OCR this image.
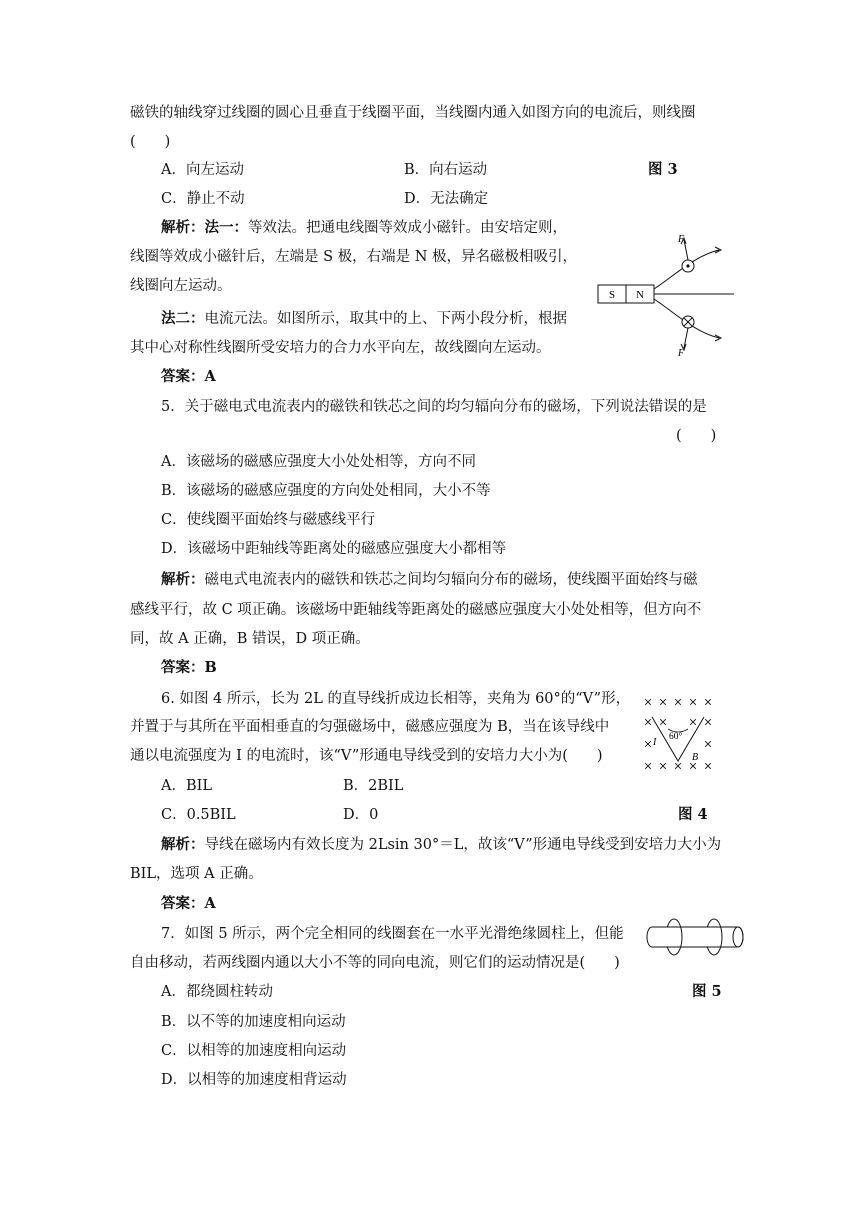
磁铁的轴线穿过线圈的圆心且垂直于线圈平面，当线圈内通入如图方向的电流后，则线圈
(　　)
A．向左运动	B．向右运动	图 3
C．静止不动	D．无法确定
解析：法一：等效法。把通电线圈等效成小磁针。由安培定则，
线圈等效成小磁针后，左端是 S 极，右端是 N 极，异名磁极相吸引，
线圈向左运动。
法二：电流元法。如图所示，取其中的上、下两小段分析，根据
其中心对称性线圈所受安培力的合力水平向左，故线圈向左运动。
答案：A
S N
F
F
5．关于磁电式电流表内的磁铁和铁芯之间的均匀辐向分布的磁场，下列说法错误的是
(　　)
A．该磁场的磁感应强度大小处处相等，方向不同
B．该磁场的磁感应强度的方向处处相同，大小不等
C．使线圈平面始终与磁感线平行
D．该磁场中距轴线等距离处的磁感应强度大小都相等
解析：磁电式电流表内的磁铁和铁芯之间均匀辐向分布的磁场，使线圈平面始终与磁
感线平行，故 C 项正确。该磁场中距轴线等距离处的磁感应强度大小处处相等，但方向不
同，故 A 正确，B 错误，D 项正确。
答案：B
6. 如图 4 所示，长为 2L 的直导线折成边长相等，夹角为 60°的“V”形，
并置于与其所在平面相垂直的匀强磁场中，磁感应强度为 B，当在该导线中
通以电流强度为 I 的电流时，该“V”形通电导线受到的安培力大小为(　　)
A．BIL	B．2BIL
C．0.5BIL	D．0	图 4
解析：导线在磁场内有效长度为 2Lsin 30°＝L，故该“V”形通电导线受到安培力大小为
BIL，选项 A 正确。
答案：A
60°
I
B
7．如图 5 所示，两个完全相同的线圈套在一水平光滑绝缘圆柱上，但能
自由移动，若两线圈内通以大小不等的同向电流，则它们的运动情况是(　　)
A．都绕圆柱转动	图 5
B．以不等的加速度相向运动
C．以相等的加速度相向运动
D．以相等的加速度相背运动
